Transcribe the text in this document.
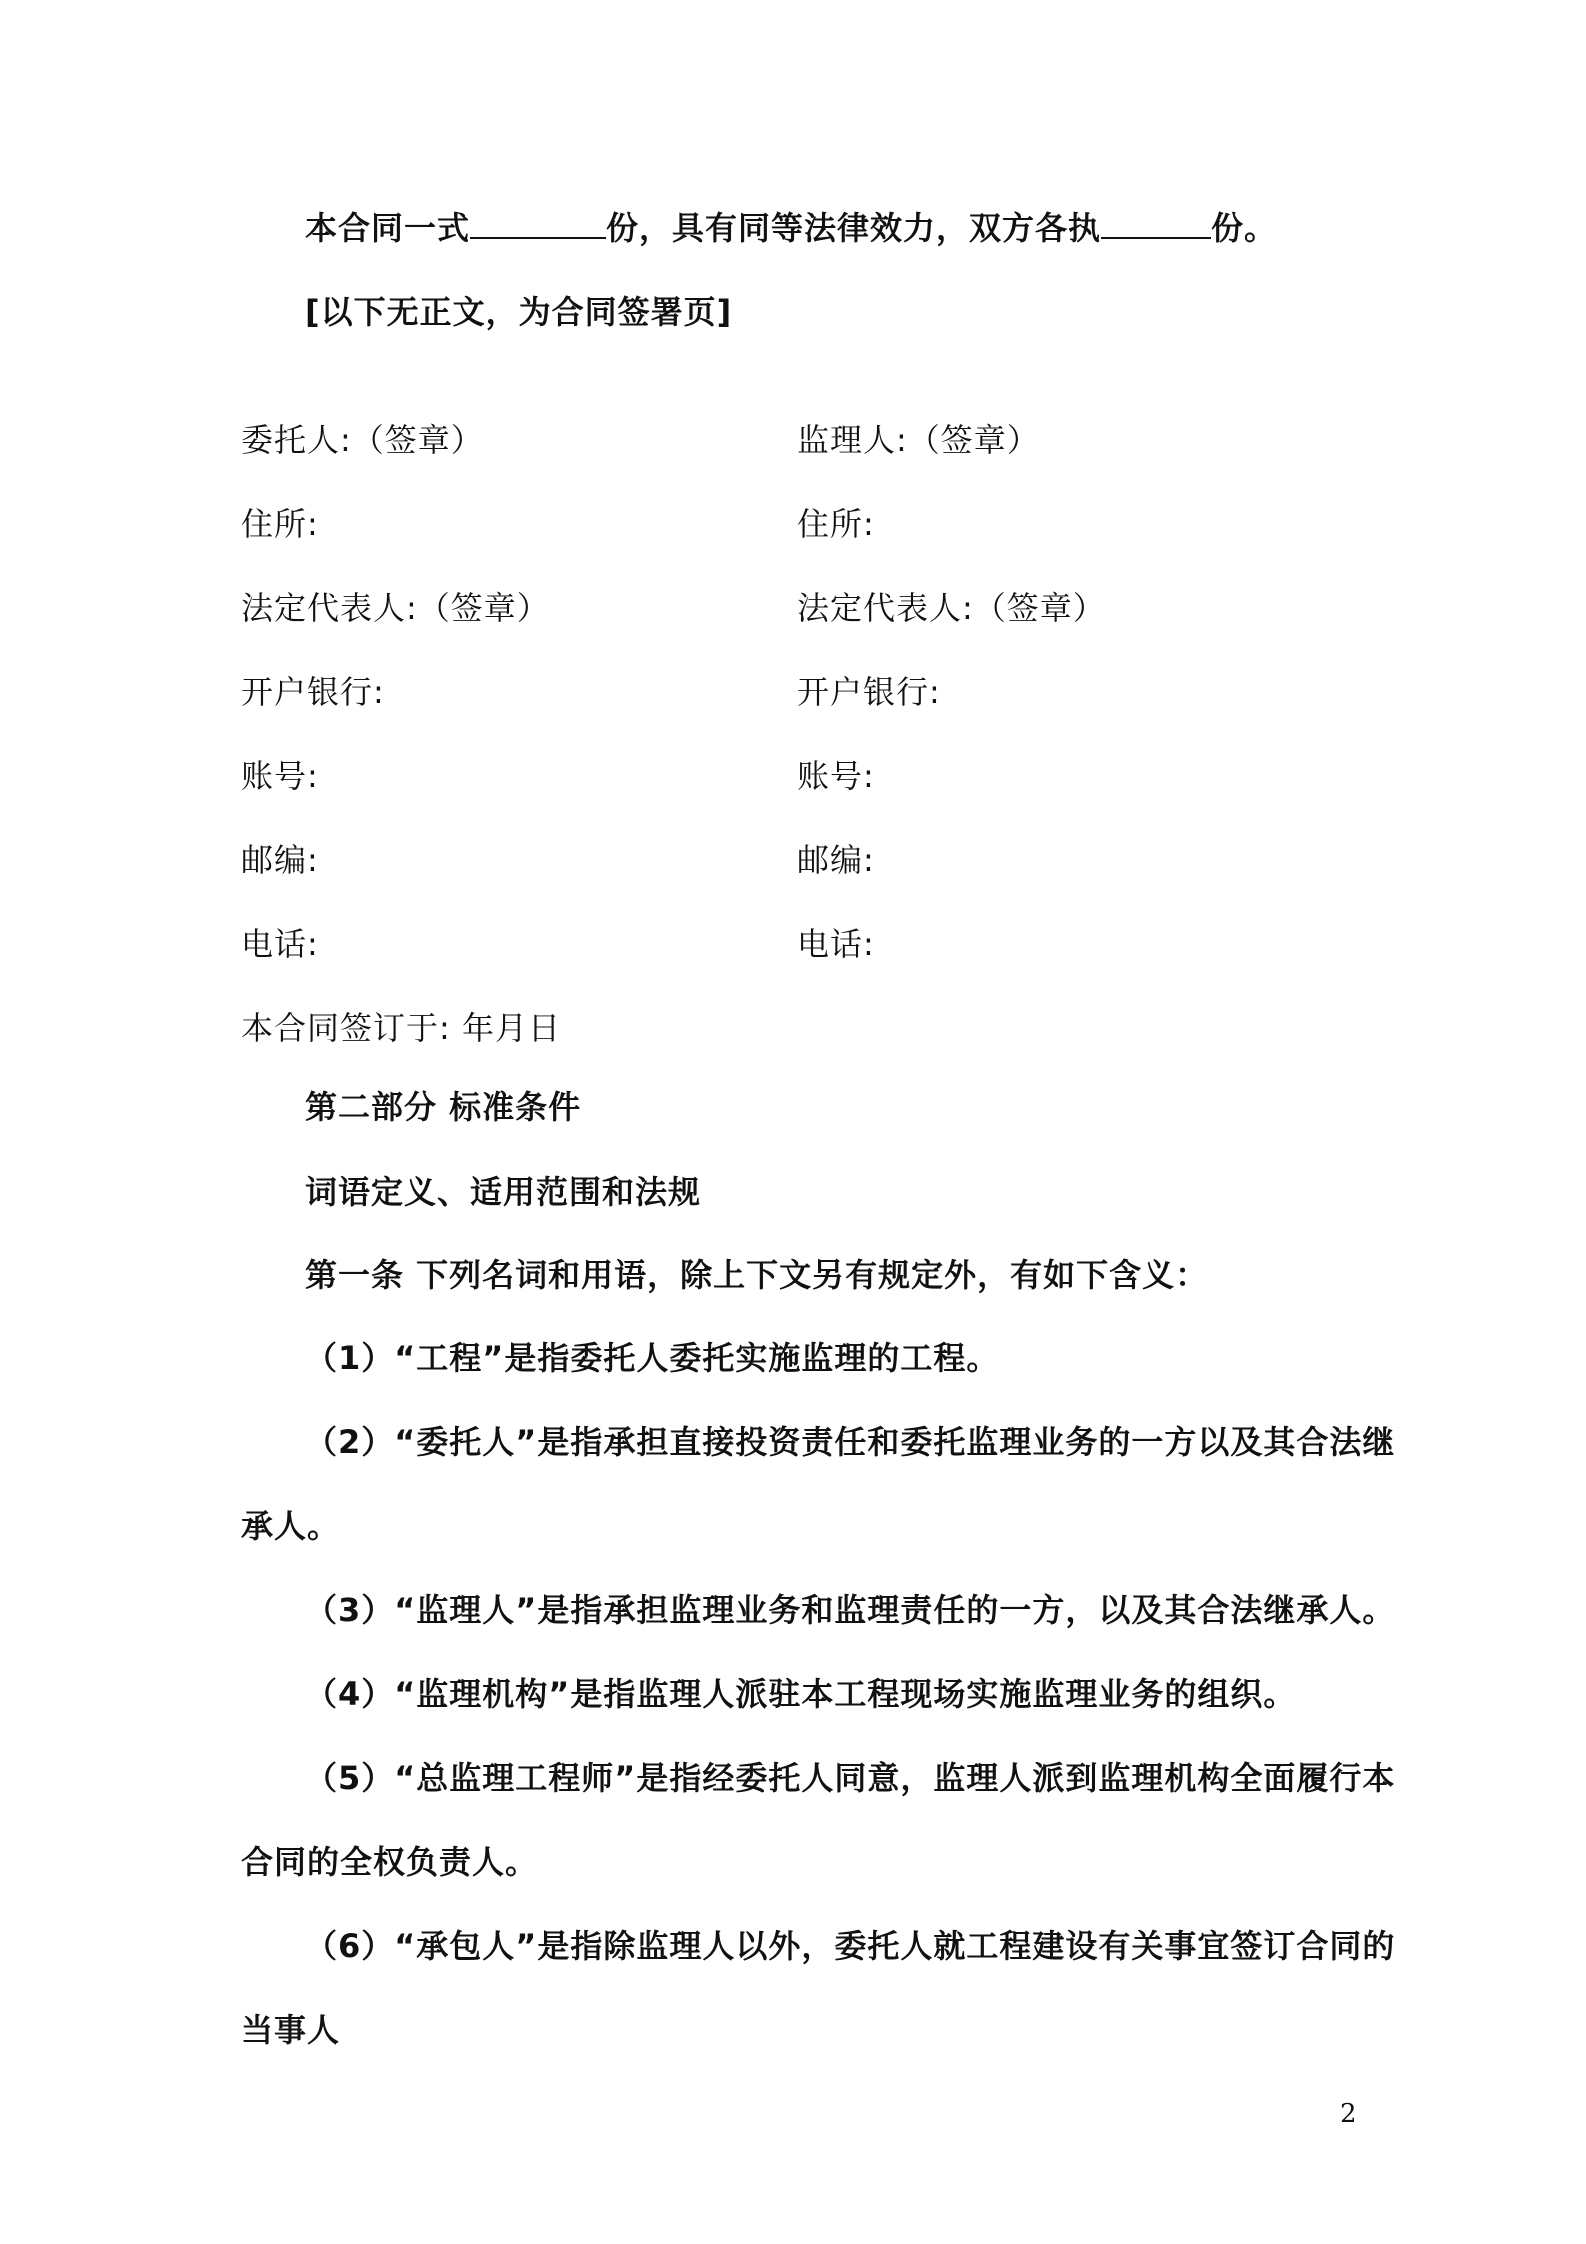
本合同一式	份，具有同等法律效力，双方各执	份。
[以下无正文，为合同签署页]
委托人:（签章）
住所:
法定代表人:（签章）
开户银行:
账号:
邮编:
电话:
监理人:（签章）
住所:
法定代表人:（签章）
开户银行:
账号:
邮编:
电话:
本合同签订于: 年月日
第二部分 标准条件
词语定义、适用范围和法规
第一条 下列名词和用语，除上下文另有规定外，有如下含义：
（1）“工程”是指委托人委托实施监理的工程。
（2）“委托人”是指承担直接投资责任和委托监理业务的一方以及其合法继
承人。
（3）“监理人”是指承担监理业务和监理责任的一方，以及其合法继承人。
（4）“监理机构”是指监理人派驻本工程现场实施监理业务的组织。
（5）“总监理工程师”是指经委托人同意，监理人派到监理机构全面履行本
合同的全权负责人。
（6）“承包人”是指除监理人以外，委托人就工程建设有关事宜签订合同的
当事人
2
